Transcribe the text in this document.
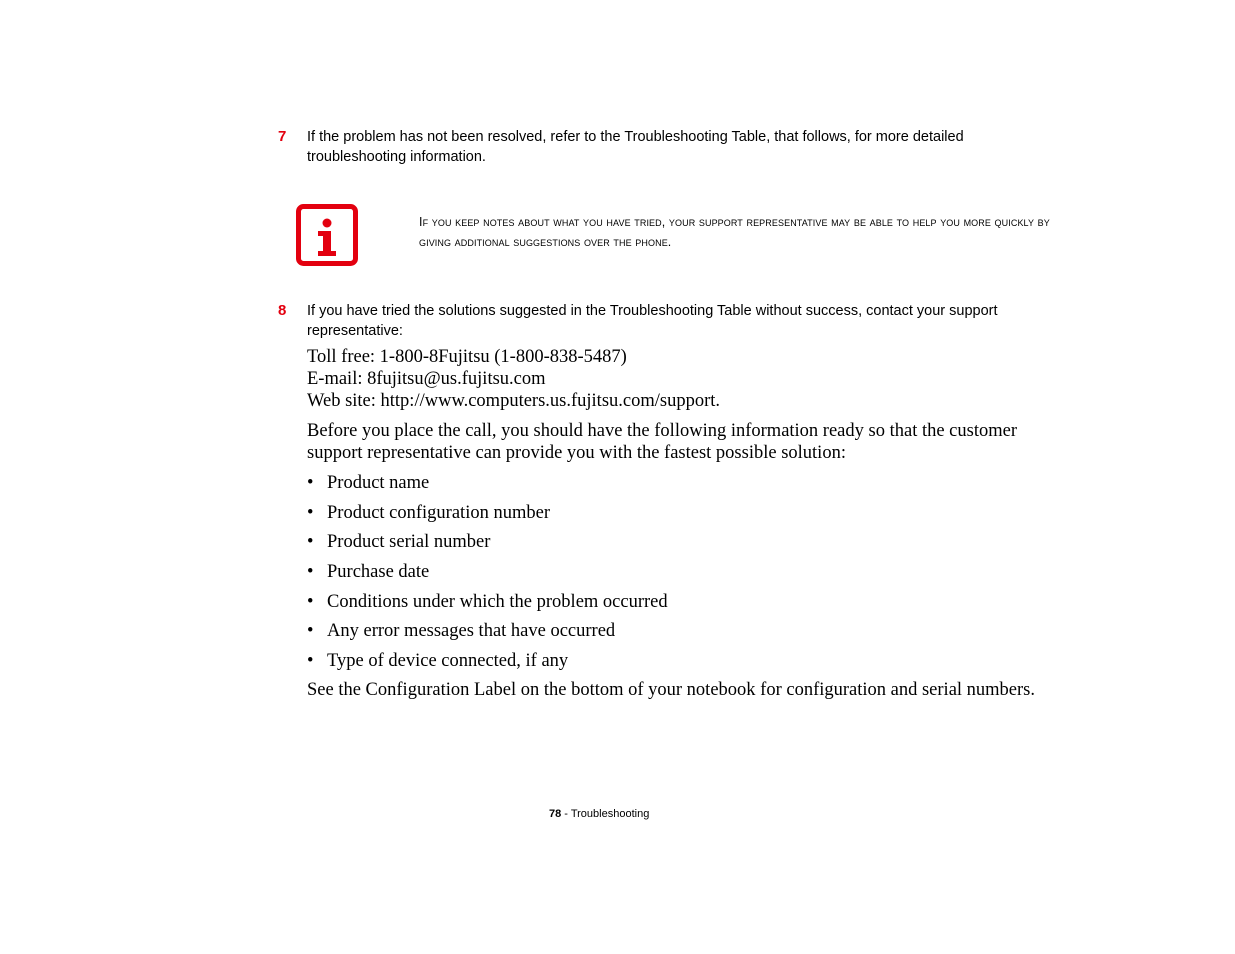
7 If the problem has not been resolved, refer to the Troubleshooting Table, that follows, for more detailed troubleshooting information.
If you keep notes about what you have tried, your support representative may be able to help you more quickly by giving additional suggestions over the phone.
8 If you have tried the solutions suggested in the Troubleshooting Table without success, contact your support representative:
Toll free: 1-800-8Fujitsu (1-800-838-5487)
E-mail: 8fujitsu@us.fujitsu.com
Web site: http://www.computers.us.fujitsu.com/support.
Before you place the call, you should have the following information ready so that the customer support representative can provide you with the fastest possible solution:
• Product name
• Product configuration number
• Product serial number
• Purchase date
• Conditions under which the problem occurred
• Any error messages that have occurred
• Type of device connected, if any
See the Configuration Label on the bottom of your notebook for configuration and serial numbers.
78 - Troubleshooting
